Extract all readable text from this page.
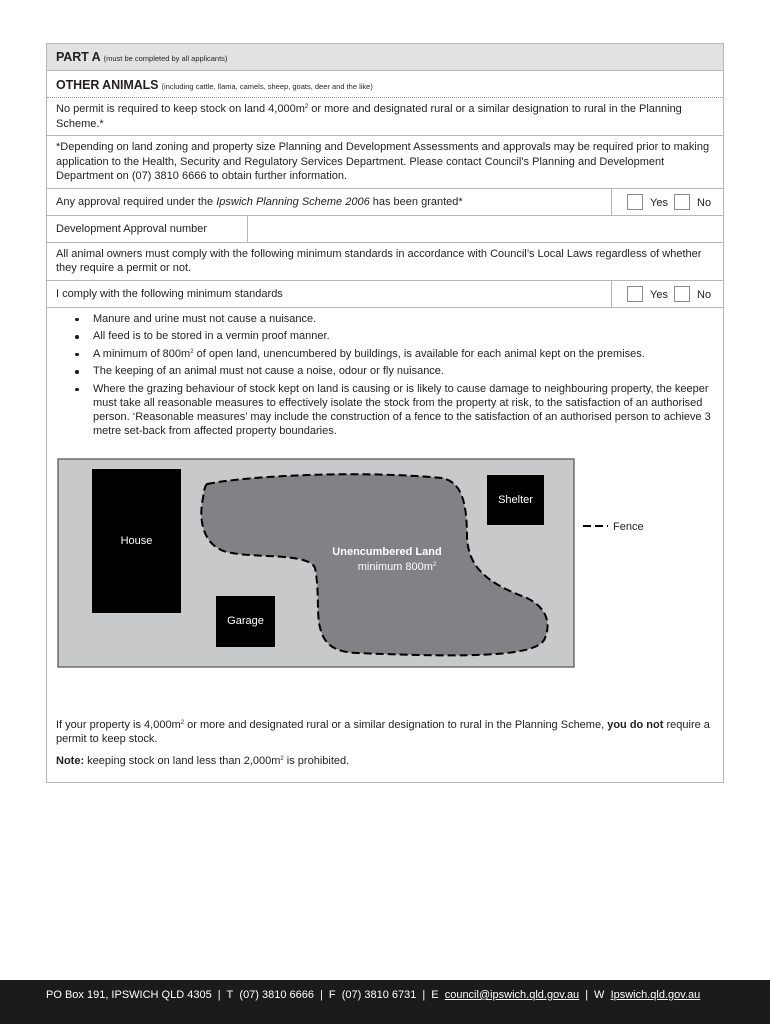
PART A (must be completed by all applicants)
OTHER ANIMALS (including cattle, llama, camels, sheep, goats, deer and the like)
No permit is required to keep stock on land $4,000m^2$ or more and designated rural or a similar designation to rural in the Planning Scheme.*
*Depending on land zoning and property size Planning and Development Assessments and approvals may be required prior to making application to the Health, Security and Regulatory Services Department. Please contact Council’s Planning and Development Department on (07) 3810 6666 to obtain further information.
Any approval required under the Ipswich Planning Scheme 2006 has been granted*	Yes	No
Development Approval number
All animal owners must comply with the following minimum standards in accordance with Council’s Local Laws regardless of whether they require a permit or not.
I comply with the following minimum standards	Yes	No
Manure and urine must not cause a nuisance.
All feed is to be stored in a vermin proof manner.
A minimum of $800m^2$ of open land, unencumbered by buildings, is available for each animal kept on the premises.
The keeping of an animal must not cause a noise, odour or fly nuisance.
Where the grazing behaviour of stock kept on land is causing or is likely to cause damage to neighbouring property, the keeper must take all reasonable measures to effectively isolate the stock from the property at risk, to the satisfaction of an authorised person. ‘Reasonable measures’ may include the construction of a fence to the satisfaction of an authorised person to achieve 3 metre set-back from affected property boundaries.
House
Shelter
Garage
Unencumbered Land
minimum $800m^2$
Fence

If your property is $4,000m^2$ or more and designated rural or a similar designation to rural in the Planning Scheme, you do not require a permit to keep stock.

Note: keeping stock on land less than $2,000m^2$ is prohibited.

PO Box 191, IPSWICH QLD 4305 | T (07) 3810 6666 | F (07) 3810 6731 | E council@ipswich.qld.gov.au | W Ipswich.qld.gov.au
